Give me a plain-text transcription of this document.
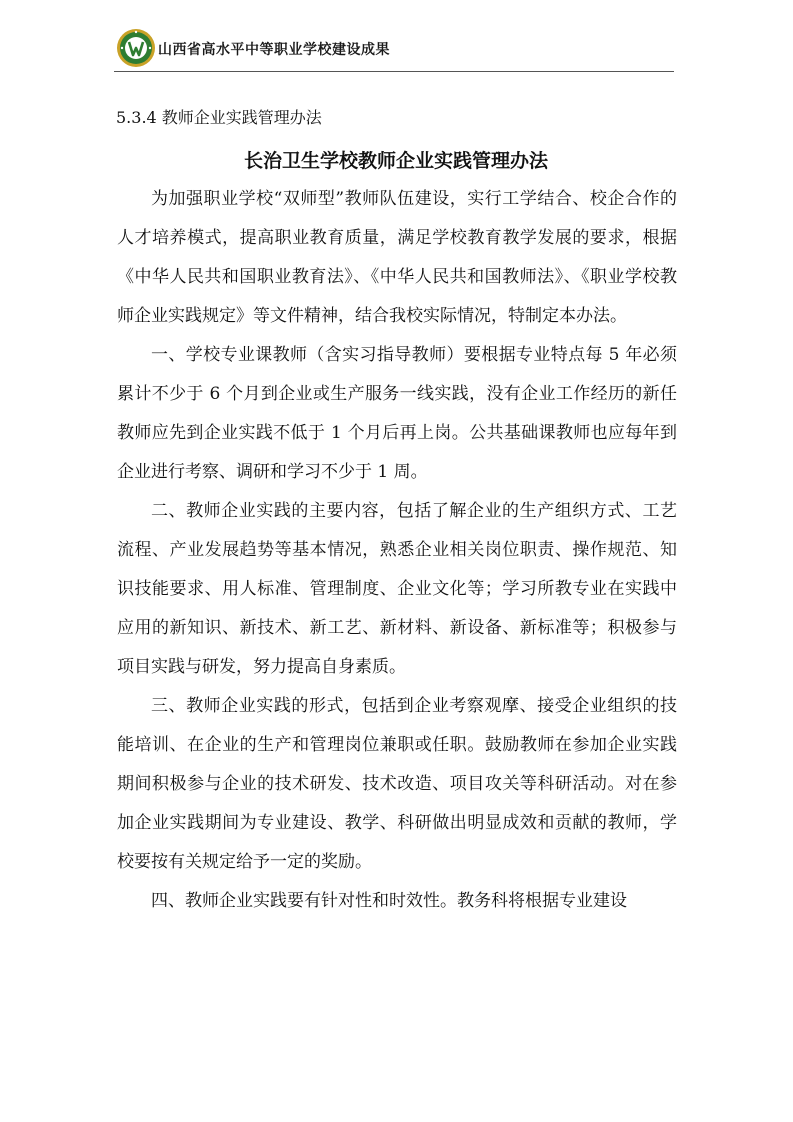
山西省高水平中等职业学校建设成果
5.3.4 教师企业实践管理办法
长治卫生学校教师企业实践管理办法

为加强职业学校“双师型”教师队伍建设，实行工学结合、校企合作的人才培养模式，提高职业教育质量，满足学校教育教学发展的要求，根据《中华人民共和国职业教育法》、《中华人民共和国教师法》、《职业学校教师企业实践规定》等文件精神，结合我校实际情况，特制定本办法。

一、学校专业课教师（含实习指导教师）要根据专业特点每 5 年必须累计不少于 6 个月到企业或生产服务一线实践，没有企业工作经历的新任教师应先到企业实践不低于 1 个月后再上岗。公共基础课教师也应每年到企业进行考察、调研和学习不少于 1 周。

二、教师企业实践的主要内容，包括了解企业的生产组织方式、工艺流程、产业发展趋势等基本情况，熟悉企业相关岗位职责、操作规范、知识技能要求、用人标准、管理制度、企业文化等；学习所教专业在实践中应用的新知识、新技术、新工艺、新材料、新设备、新标准等；积极参与项目实践与研发，努力提高自身素质。

三、教师企业实践的形式，包括到企业考察观摩、接受企业组织的技能培训、在企业的生产和管理岗位兼职或任职。鼓励教师在参加企业实践期间积极参与企业的技术研发、技术改造、项目攻关等科研活动。对在参加企业实践期间为专业建设、教学、科研做出明显成效和贡献的教师，学校要按有关规定给予一定的奖励。

四、教师企业实践要有针对性和时效性。教务科将根据专业建设
